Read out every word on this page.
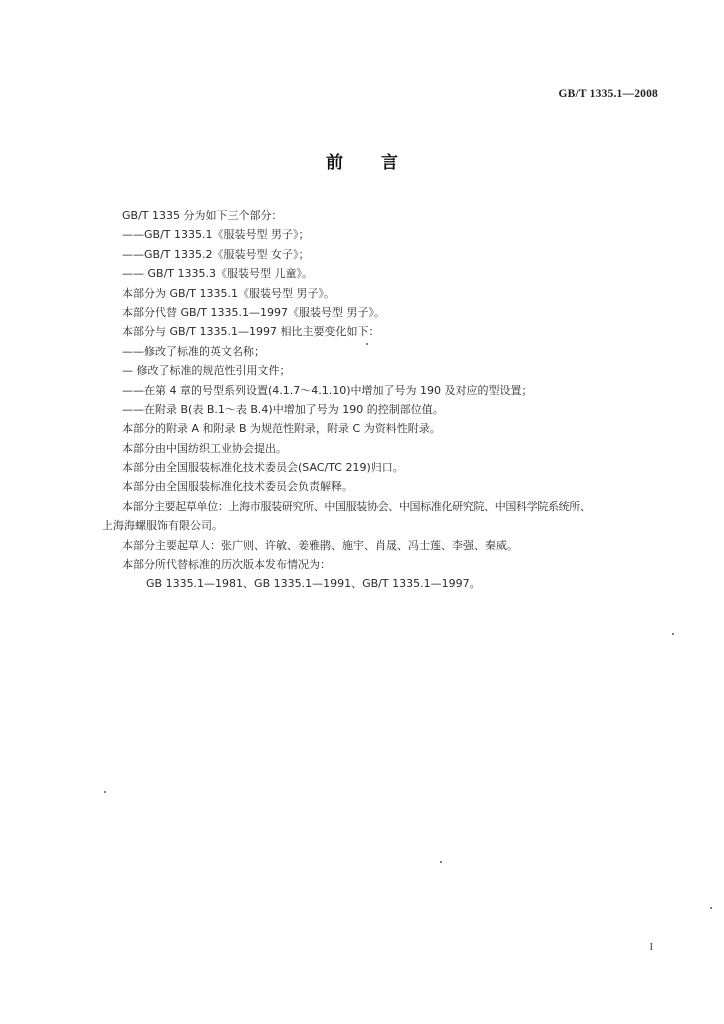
GB/T 1335.1—2008
前言
GB/T 1335 分为如下三个部分：
——GB/T 1335.1《服装号型 男子》；
——GB/T 1335.2《服装号型 女子》；
—— GB/T 1335.3《服装号型 儿童》。
本部分为 GB/T 1335.1《服装号型 男子》。
本部分代替 GB/T 1335.1—1997《服装号型 男子》。
本部分与 GB/T 1335.1—1997 相比主要变化如下：
——修改了标准的英文名称；
— 修改了标准的规范性引用文件；
——在第 4 章的号型系列设置(4.1.7～4.1.10)中增加了号为 190 及对应的型设置；
——在附录 B(表 B.1～表 B.4)中增加了号为 190 的控制部位值。
本部分的附录 A 和附录 B 为规范性附录，附录 C 为资料性附录。
本部分由中国纺织工业协会提出。
本部分由全国服装标准化技术委员会(SAC/TC 219)归口。
本部分由全国服装标准化技术委员会负责解释。
本部分主要起草单位：上海市服装研究所、中国服装协会、中国标准化研究院、中国科学院系统所、
上海海螺服饰有限公司。
本部分主要起草人：张广则、许敏、姜雅鹃、施宇、肖晟、冯士莲、李强、秦威。
本部分所代替标准的历次版本发布情况为：
GB 1335.1—1981、GB 1335.1—1991、GB/T 1335.1—1997。
I
